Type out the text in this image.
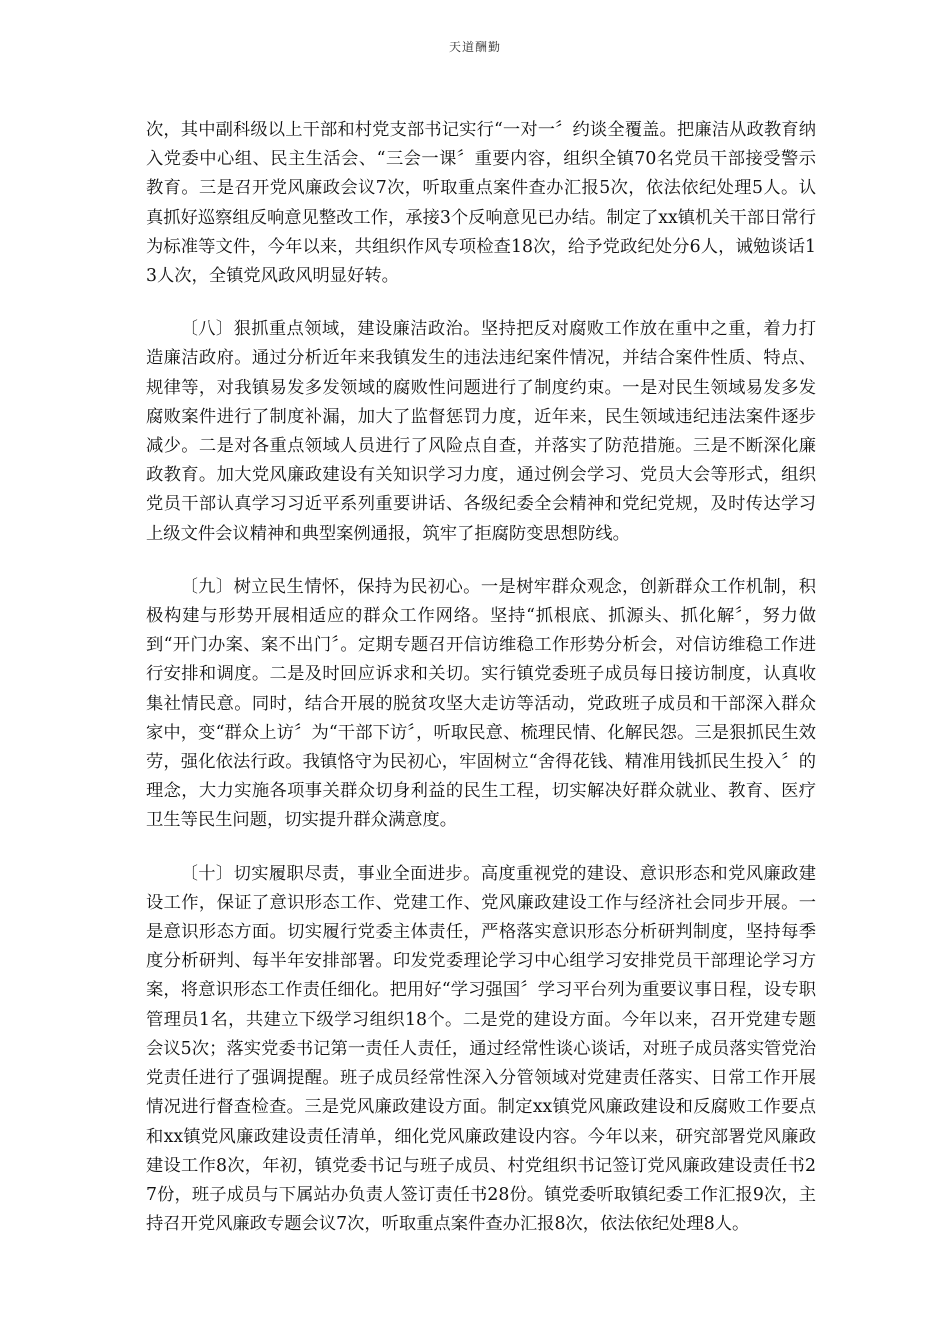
天道酬勤

次，其中副科级以上干部和村党支部书记实行“一对一〞约谈全覆盖。把廉洁从政教育纳入党委中心组、民主生活会、“三会一课〞重要内容，组织全镇70名党员干部接受警示教育。三是召开党风廉政会议7次，听取重点案件查办汇报5次，依法依纪处理5人。认真抓好巡察组反响意见整改工作，承接3个反响意见已办结。制定了xx镇机关干部日常行为标准等文件，今年以来，共组织作风专项检查18次，给予党政纪处分6人，诫勉谈话13人次，全镇党风政风明显好转。

〔八〕狠抓重点领域，建设廉洁政治。坚持把反对腐败工作放在重中之重，着力打造廉洁政府。通过分析近年来我镇发生的违法违纪案件情况，并结合案件性质、特点、规律等，对我镇易发多发领域的腐败性问题进行了制度约束。一是对民生领域易发多发腐败案件进行了制度补漏，加大了监督惩罚力度，近年来，民生领域违纪违法案件逐步减少。二是对各重点领域人员进行了风险点自查，并落实了防范措施。三是不断深化廉政教育。加大党风廉政建设有关知识学习力度，通过例会学习、党员大会等形式，组织党员干部认真学习习近平系列重要讲话、各级纪委全会精神和党纪党规，及时传达学习上级文件会议精神和典型案例通报，筑牢了拒腐防变思想防线。

〔九〕树立民生情怀，保持为民初心。一是树牢群众观念，创新群众工作机制，积极构建与形势开展相适应的群众工作网络。坚持“抓根底、抓源头、抓化解〞，努力做到“开门办案、案不出门〞。定期专题召开信访维稳工作形势分析会，对信访维稳工作进行安排和调度。二是及时回应诉求和关切。实行镇党委班子成员每日接访制度，认真收集社情民意。同时，结合开展的脱贫攻坚大走访等活动，党政班子成员和干部深入群众家中，变“群众上访〞为“干部下访〞，听取民意、梳理民情、化解民怨。三是狠抓民生效劳，强化依法行政。我镇恪守为民初心，牢固树立“舍得花钱、精准用钱抓民生投入〞的理念，大力实施各项事关群众切身利益的民生工程，切实解决好群众就业、教育、医疗卫生等民生问题，切实提升群众满意度。

〔十〕切实履职尽责，事业全面进步。高度重视党的建设、意识形态和党风廉政建设工作，保证了意识形态工作、党建工作、党风廉政建设工作与经济社会同步开展。一是意识形态方面。切实履行党委主体责任，严格落实意识形态分析研判制度，坚持每季度分析研判、每半年安排部署。印发党委理论学习中心组学习安排党员干部理论学习方案，将意识形态工作责任细化。把用好“学习强国〞学习平台列为重要议事日程，设专职管理员1名，共建立下级学习组织18个。二是党的建设方面。今年以来，召开党建专题会议5次；落实党委书记第一责任人责任，通过经常性谈心谈话，对班子成员落实管党治党责任进行了强调提醒。班子成员经常性深入分管领域对党建责任落实、日常工作开展情况进行督查检查。三是党风廉政建设方面。制定xx镇党风廉政建设和反腐败工作要点和xx镇党风廉政建设责任清单，细化党风廉政建设内容。今年以来，研究部署党风廉政建设工作8次，年初，镇党委书记与班子成员、村党组织书记签订党风廉政建设责任书27份，班子成员与下属站办负责人签订责任书28份。镇党委听取镇纪委工作汇报9次，主持召开党风廉政专题会议7次，听取重点案件查办汇报8次，依法依纪处理8人。
